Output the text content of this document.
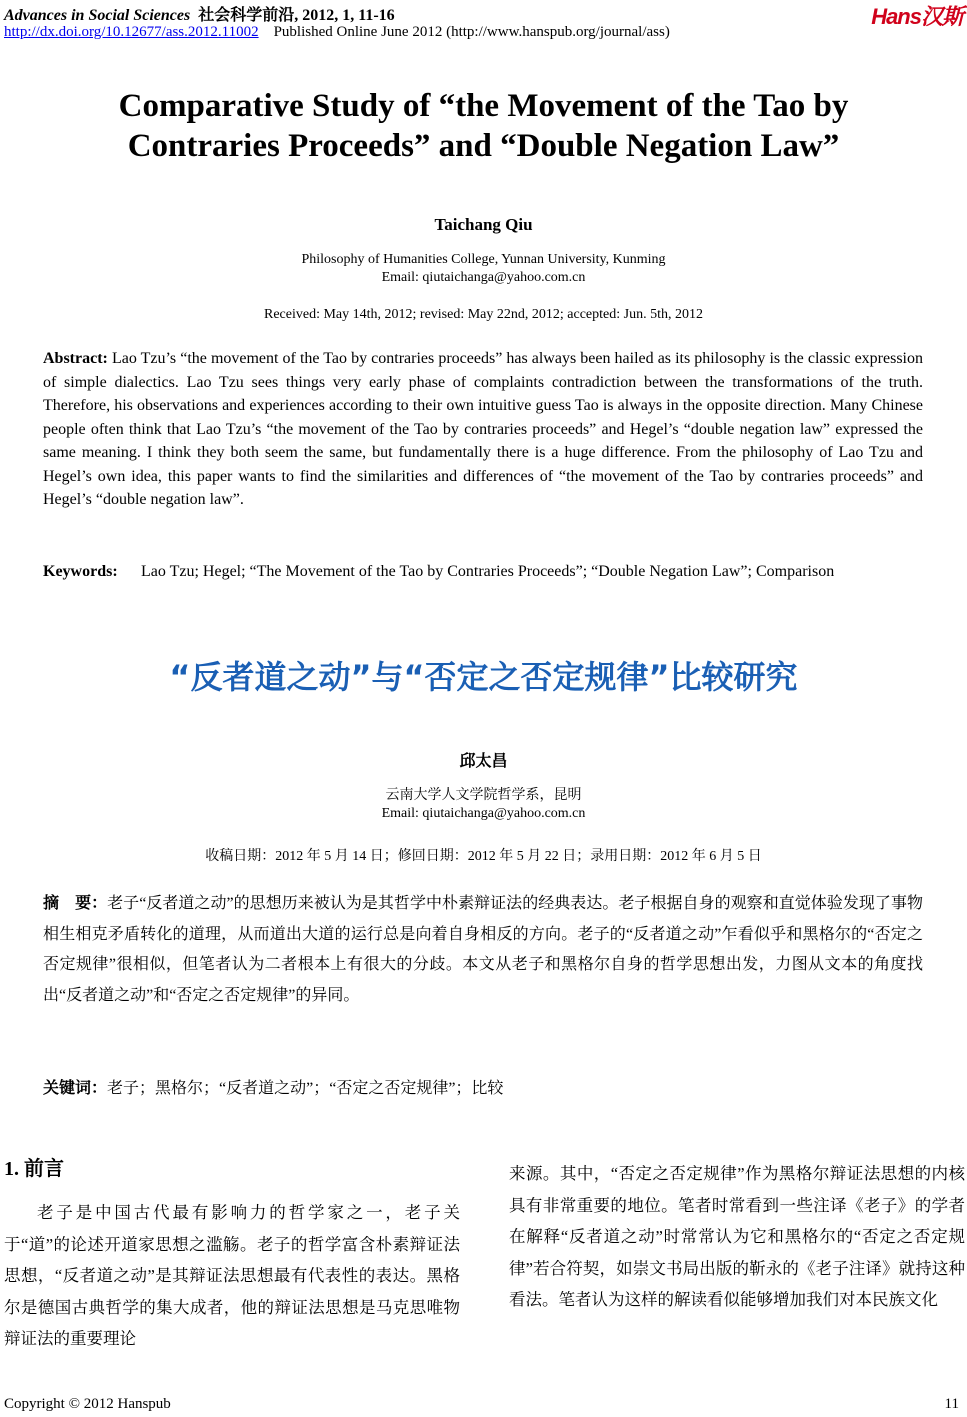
Advances in Social Sciences 社会科学前沿, 2012, 1, 11-16
http://dx.doi.org/10.12677/ass.2012.11002 Published Online June 2012 (http://www.hanspub.org/journal/ass)
Hans汉斯
Comparative Study of “the Movement of the Tao by
Contraries Proceeds” and “Double Negation Law”
Taichang Qiu
Philosophy of Humanities College, Yunnan University, Kunming
Email: qiutaichanga@yahoo.com.cn
Received: May 14th, 2012; revised: May 22nd, 2012; accepted: Jun. 5th, 2012
Abstract: Lao Tzu’s “the movement of the Tao by contraries proceeds” has always been hailed as its philosophy is the classic expression of simple dialectics. Lao Tzu sees things very early phase of complaints contradiction between the transformations of the truth. Therefore, his observations and experiences according to their own intuitive guess Tao is always in the opposite direction. Many Chinese people often think that Lao Tzu’s “the movement of the Tao by contraries proceeds” and Hegel’s “double negation law” expressed the same meaning. I think they both seem the same, but fundamentally there is a huge difference. From the philosophy of Lao Tzu and Hegel’s own idea, this paper wants to find the similarities and differences of “the movement of the Tao by contraries proceeds” and Hegel’s “double negation law”.
Keywords: Lao Tzu; Hegel; “The Movement of the Tao by Contraries Proceeds”; “Double Negation Law”; Comparison
“反者道之动”与“否定之否定规律”比较研究
邱太昌
云南大学人文学院哲学系，昆明
Email: qiutaichanga@yahoo.com.cn
收稿日期：2012 年 5 月 14 日；修回日期：2012 年 5 月 22 日；录用日期：2012 年 6 月 5 日
摘　要：老子“反者道之动”的思想历来被认为是其哲学中朴素辩证法的经典表达。老子根据自身的观察和直觉体验发现了事物相生相克矛盾转化的道理，从而道出大道的运行总是向着自身相反的方向。老子的“反者道之动”乍看似乎和黑格尔的“否定之否定规律”很相似，但笔者认为二者根本上有很大的分歧。本文从老子和黑格尔自身的哲学思想出发，力图从文本的角度找出“反者道之动”和“否定之否定规律”的异同。
关键词：老子；黑格尔；“反者道之动”；“否定之否定规律”；比较
1. 前言
老子是中国古代最有影响力的哲学家之一，老子关于“道”的论述开道家思想之滥觞。老子的哲学富含朴素辩证法思想，“反者道之动”是其辩证法思想最有代表性的表达。黑格尔是德国古典哲学的集大成者，他的辩证法思想是马克思唯物辩证法的重要理论
来源。其中，“否定之否定规律”作为黑格尔辩证法思想的内核具有非常重要的地位。笔者时常看到一些注译《老子》的学者在解释“反者道之动”时常常认为它和黑格尔的“否定之否定规律”若合符契，如崇文书局出版的靳永的《老子注译》就持这种看法。笔者认为这样的解读看似能够增加我们对本民族文化
Copyright © 2012 Hanspub	11
